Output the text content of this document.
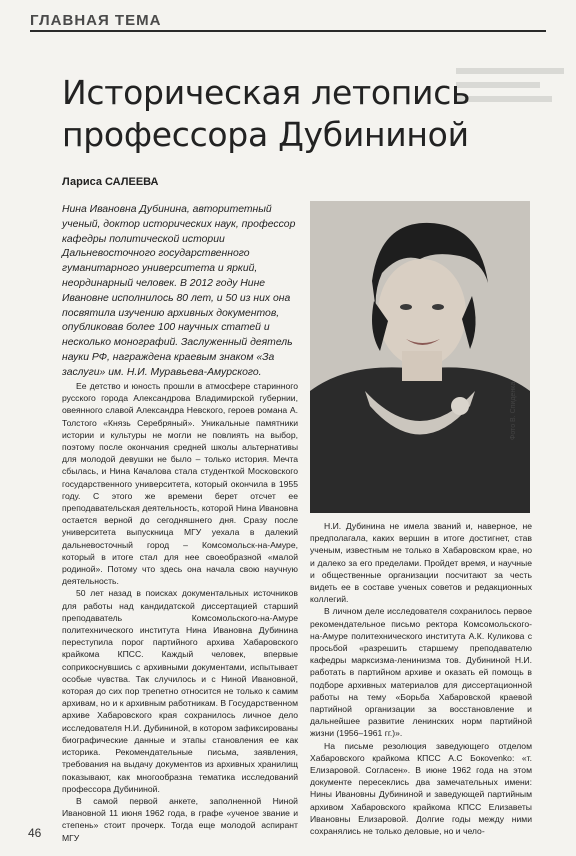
ГЛАВНАЯ ТЕМА
Историческая летопись
профессора Дубининой
Лариса САЛЕЕВА

Нина Ивановна Дубинина, авторитетный ученый, доктор исторических наук, профессор кафедры политической истории Дальневосточного государственного гуманитарного университета и яркий, неординарный человек. В 2012 году Нине Ивановне исполнилось 80 лет, и 50 из них она посвятила изучению архивных документов, опубликовав более 100 научных статей и несколько монографий. Заслуженный деятель науки РФ, награждена краевым знаком «За заслуги» им. Н.И. Муравьева-Амурского.

Фото В. Спиденка

Ее детство и юность прошли в атмосфере старинного русского города Александрова Владимирской губернии, овеянного славой Александра Невского, героев романа А. Толстого «Князь Серебряный». Уникальные памятники истории и культуры не могли не повлиять на выбор, поэтому после окончания средней школы альтернативы для молодой девушки не было – только история. Мечта сбылась, и Нина Качалова стала студенткой Московского государственного университета, который окончила в 1955 году. С этого же времени берет отсчет ее преподавательская деятельность, которой Нина Ивановна остается верной до сегодняшнего дня. Сразу после университета выпускница МГУ уехала в далекий дальневосточный город – Комсомольск-на-Амуре, который в итоге стал для нее своеобразной «малой родиной». Потому что здесь она начала свою научную деятельность.

50 лет назад в поисках документальных источников для работы над кандидатской диссертацией старший преподаватель Комсомольского-на-Амуре политехнического института Нина Ивановна Дубинина переступила порог партийного архива Хабаровского крайкома КПСС. Каждый человек, впервые соприкоснувшись с архивными документами, испытывает особые чувства. Так случилось и с Ниной Ивановной, которая до сих пор трепетно относится не только к самим архивам, но и к архивным работникам. В Государственном архиве Хабаровского края сохранилось личное дело исследователя Н.И. Дубининой, в котором зафиксированы биографические данные и этапы становления ее как историка. Рекомендательные письма, заявления, требования на выдачу документов из архивных хранилищ показывают, как многообразна тематика исследований профессора Дубининой.

В самой первой анкете, заполненной Ниной Ивановной 11 июня 1962 года, в графе «ученое звание и степень» стоит прочерк. Тогда еще молодой аспирант МГУ

Н.И. Дубинина не имела званий и, наверное, не предполагала, каких вершин в итоге достигнет, став ученым, известным не только в Хабаровском крае, но и далеко за его пределами. Пройдет время, и научные и общественные организации посчитают за честь видеть ее в составе ученых советов и редакционных коллегий.

В личном деле исследователя сохранилось первое рекомендательное письмо ректора Комсомольского-на-Амуре политехнического института А.К. Куликова с просьбой «разрешить старшему преподавателю кафедры марксизма-ленинизма тов. Дубининой Н.И. работать в партийном архиве и оказать ей помощь в подборе архивных материалов для диссертационной работы на тему «Борьба Хабаровской краевой партийной организации за восстановление и дальнейшее развитие ленинских норм партийной жизни (1956–1961 гг.)».

На письме резолюция заведующего отделом Хабаровского крайкома КПСС А.С Бокovenko: «т. Елизаровой. Согласен». В июне 1962 года на этом документе пересеклись два замечательных имени: Нины Ивановны Дубининой и заведующей партийным архивом Хабаровского крайкома КПСС Елизаветы Ивановны Елизаровой. Долгие годы между ними сохранялись не только деловые, но и чело-

46
